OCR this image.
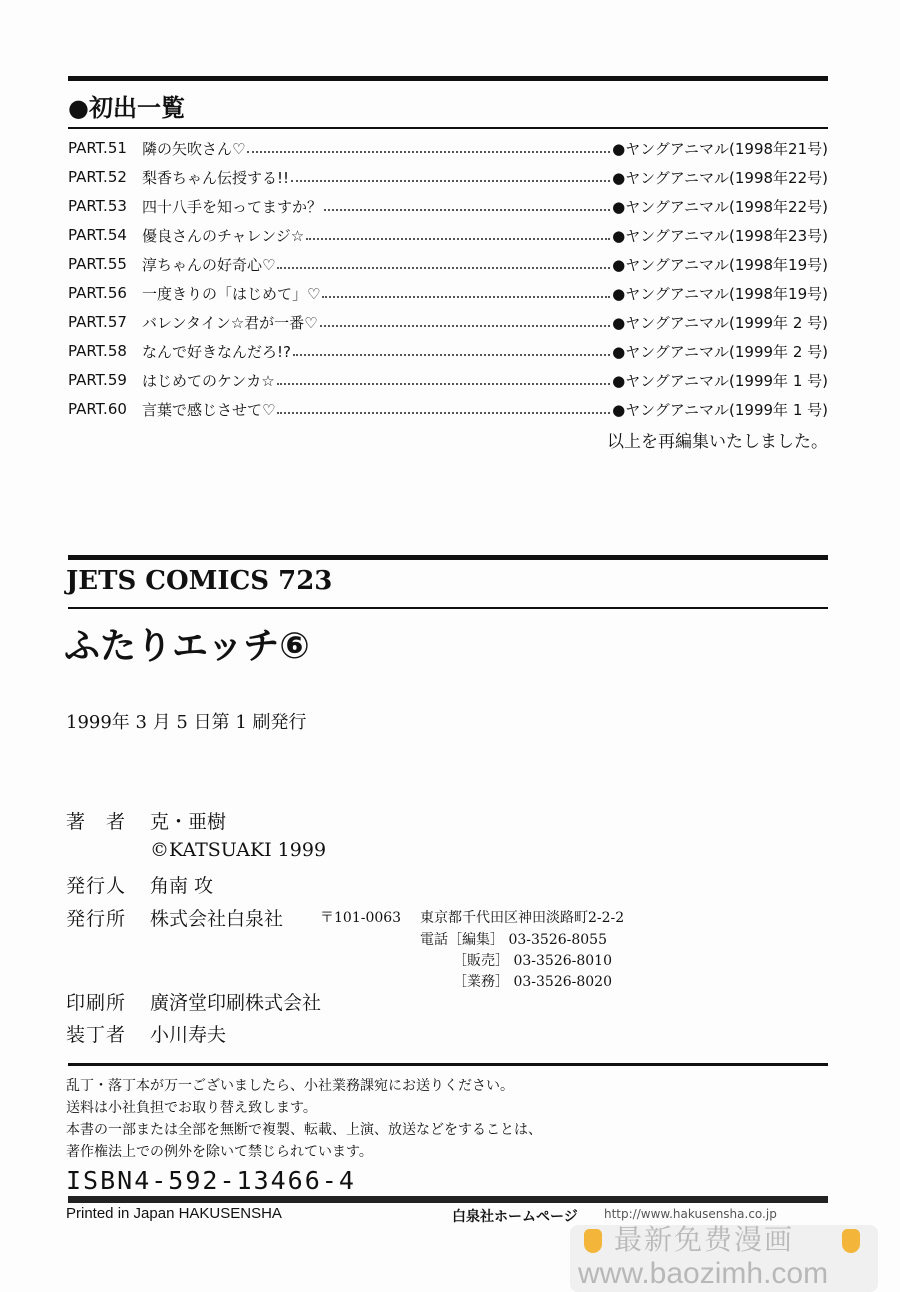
●初出一覧
PART.51	隣の矢吹さん♡	●ヤングアニマル(1998年21号)
PART.52	梨香ちゃん伝授する!!	●ヤングアニマル(1998年22号)
PART.53	四十八手を知ってますか？	●ヤングアニマル(1998年22号)
PART.54	優良さんのチャレンジ☆	●ヤングアニマル(1998年23号)
PART.55	淳ちゃんの好奇心♡	●ヤングアニマル(1998年19号)
PART.56	一度きりの「はじめて」♡	●ヤングアニマル(1998年19号)
PART.57	バレンタイン☆君が一番♡	●ヤングアニマル(1999年 2 号)
PART.58	なんで好きなんだろ!?	●ヤングアニマル(1999年 2 号)
PART.59	はじめてのケンカ☆	●ヤングアニマル(1999年 1 号)
PART.60	言葉で感じさせて♡	●ヤングアニマル(1999年 1 号)
以上を再編集いたしました。
JETS COMICS 723
ふたりエッチ⑥
1999年 3 月 5 日第 1 刷発行
著　者 克・亜樹
©KATSUAKI 1999
発行人 角南 攻
発行所 株式会社白泉社	〒101-0063 東京都千代田区神田淡路町2-2-2
電話［編集］ 03-3526-8055
［販売］ 03-3526-8010
［業務］ 03-3526-8020
印刷所 廣済堂印刷株式会社
装丁者 小川寿夫
乱丁・落丁本が万一ございましたら、小社業務課宛にお送りください。
送料は小社負担でお取り替え致します。
本書の一部または全部を無断で複製、転載、上演、放送などをすることは、
著作権法上での例外を除いて禁じられています。
ISBN4-592-13466-4
Printed in Japan HAKUSENSHA	白泉社ホームページ
最新免费漫画
www.baozimh.com
http://www.hakusensha.co.jp
